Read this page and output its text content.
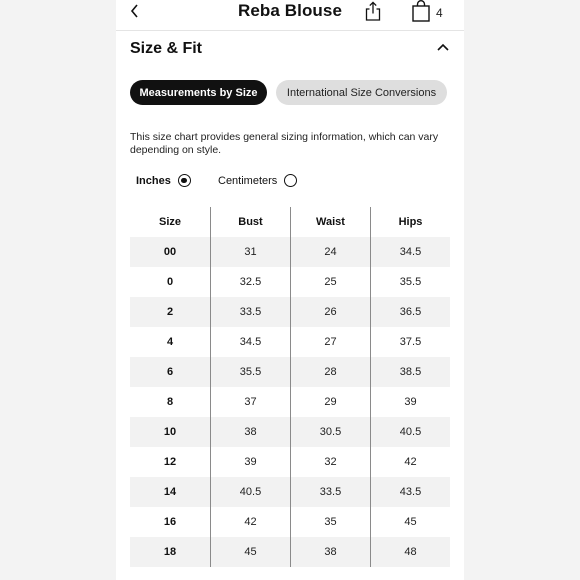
Reba Blouse	4
Size & Fit
Measurements by Size	International Size Conversions
This size chart provides general sizing information, which can vary depending on style.
Inches	Centimeters
Size	Bust	Waist	Hips
00	31	24	34.5
0	32.5	25	35.5
2	33.5	26	36.5
4	34.5	27	37.5
6	35.5	28	38.5
8	37	29	39
10	38	30.5	40.5
12	39	32	42
14	40.5	33.5	43.5
16	42	35	45
18	45	38	48
